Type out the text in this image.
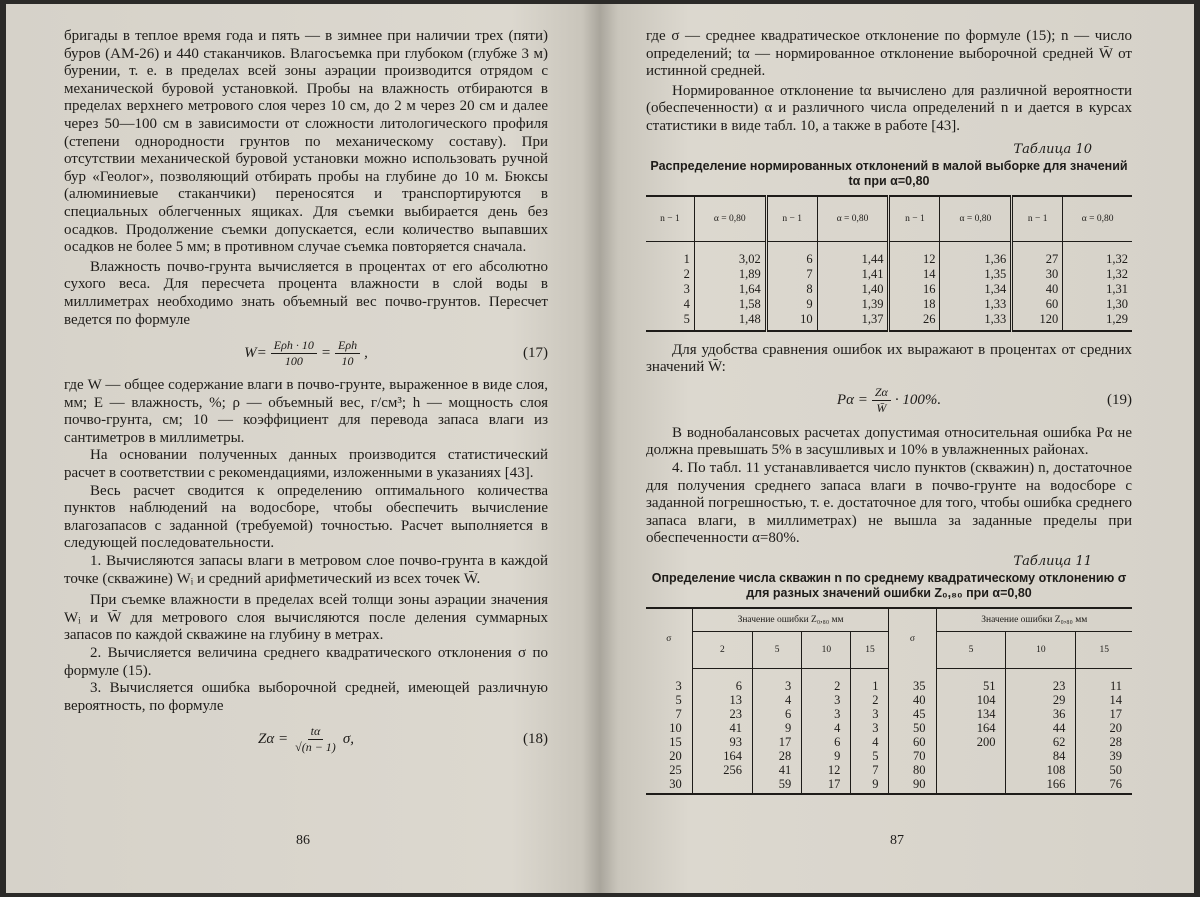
бригады в теплое время года и пять — в зимнее при наличии трех (пяти) буров (АМ-26) и 440 стаканчиков. Влагосъемка при глубоком (глубже 3 м) бурении, т. е. в пределах всей зоны аэрации производится отрядом с механической буровой установкой. Пробы на влажность отбираются в пределах верхнего метрового слоя через 10 см, до 2 м через 20 см и далее через 50—100 см в зависимости от сложности литологического профиля (степени однородности грунтов по механическому составу). При отсутствии механической буровой установки можно использовать ручной бур «Геолог», позволяющий отбирать пробы на глубине до 10 м. Бюксы (алюминиевые стаканчики) переносятся и транспортируются в специальных облегченных ящиках. Для съемки выбирается день без осадков. Продолжение съемки допускается, если количество выпавших осадков не более 5 мм; в противном случае съемка повторяется сначала.

Влажность почво-грунта вычисляется в процентах от его абсолютно сухого веса. Для пересчета процента влажности в слой воды в миллиметрах необходимо знать объемный вес почво-грунтов. Пересчет ведется по формуле

$W = \frac{\text{Eρh · 10}}{100} = \frac{\text{Eρh}}{10}$ ,	(17)

где W — общее содержание влаги в почво-грунте, выраженное в виде слоя, мм; E — влажность, %; ρ — объемный вес, г/см³; h — мощность слоя почво-грунта, см; 10 — коэффициент для перевода запаса влаги из сантиметров в миллиметры.

На основании полученных данных производится статистический расчет в соответствии с рекомендациями, изложенными в указаниях [43].

Весь расчет сводится к определению оптимального количества пунктов наблюдений на водосборе, чтобы обеспечить вычисление влагозапасов с заданной (требуемой) точностью. Расчет выполняется в следующей последовательности.

1. Вычисляются запасы влаги в метровом слое почво-грунта в каждой точке (скважине) Wᵢ и средний арифметический из всех точек W̄.

При съемке влажности в пределах всей толщи зоны аэрации значения Wᵢ и W̄ для метрового слоя вычисляются после деления суммарных запасов по каждой скважине на глубину в метрах.

2. Вычисляется величина среднего квадратического отклонения σ по формуле (15).

3. Вычисляется ошибка выборочной средней, имеющей различную вероятность, по формуле

$Z\alpha = \frac{t\alpha}{√(n - 1)} \sigma$,	(18)
86

где σ — среднее квадратическое отклонение по формуле (15); n — число определений; tα — нормированное отклонение выборочной средней W̄ от истинной средней.

Нормированное отклонение tα вычислено для различной вероятности (обеспеченности) α и различного числа определений n и дается в курсах статистики в виде табл. 10, а также в работе [43].

Таблица 10
Распределение нормированных отклонений в малой выборке для значений tα при α=0,80
n − 1	α = 0,80	n − 1	α = 0,80	n − 1	α = 0,80	n − 1	α = 0,80
1	3,02	6	1,44	12	1,36	27	1,32
2	1,89	7	1,41	14	1,35	30	1,32
3	1,64	8	1,40	16	1,34	40	1,31
4	1,58	9	1,39	18	1,33	60	1,30
5	1,48	10	1,37	26	1,33	120	1,29

Для удобства сравнения ошибок их выражают в процентах от средних значений W̄:

$P\alpha = \frac{Z\alpha}{W̄} \cdot 100\%$.	(19)

В воднобалансовых расчетах допустимая относительная ошибка Pα не должна превышать 5% в засушливых и 10% в увлажненных районах.

4. По табл. 11 устанавливается число пунктов (скважин) n, достаточное для получения среднего запаса влаги в почво-грунте на водосборе с заданной погрешностью, т. е. достаточное для того, чтобы ошибка среднего запаса влаги, в миллиметрах) не вышла за заданные пределы при обеспеченности α=80%.

Таблица 11
Определение числа скважин n по среднему квадратическому отклонению σ для разных значений ошибки Z₀,₈₀ при α=0,80
σ	Значение ошибки Z₀,₈₀ мм				σ	Значение ошибки Z₀,₈₀ мм		
	2	5	10	15		5	10	15
3	6	3	2	1	35	51	23	11
5	13	4	3	2	40	104	29	14
7	23	6	3	3	45	134	36	17
10	41	9	4	3	50	164	44	20
15	93	17	6	4	60	200	62	28
20	164	28	9	5	70		84	39
25	256	41	12	7	80		108	50
30		59	17	9	90		166	76
87
